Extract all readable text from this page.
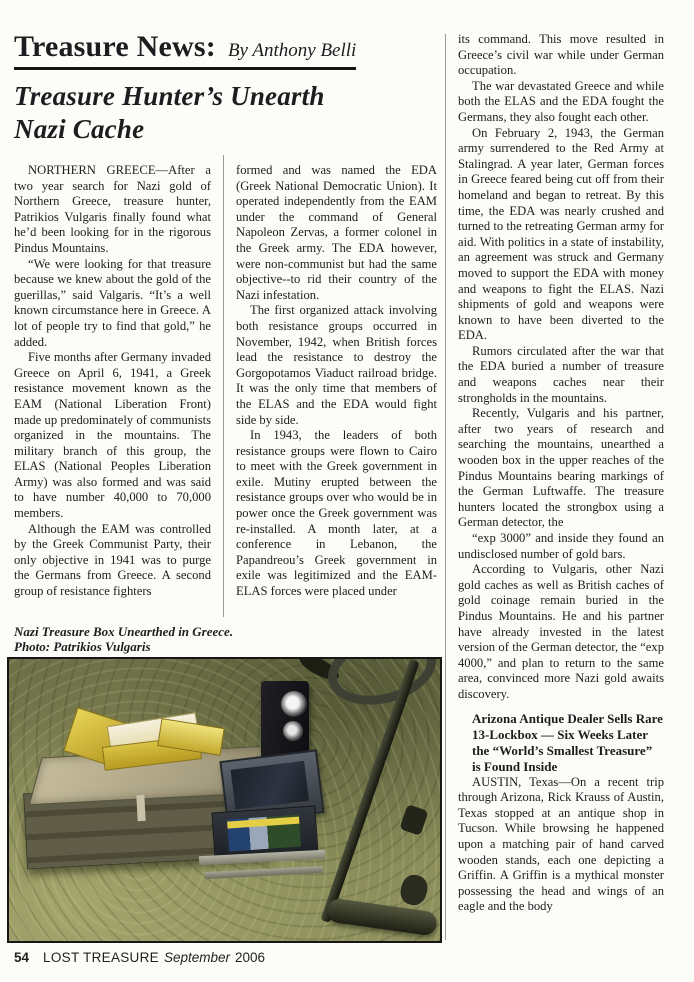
Treasure News: By Anthony Belli
Treasure Hunter’s Unearth
Nazi Cache

NORTHERN GREECE—After a two year search for Nazi gold of Northern Greece, treasure hunter, Patrikios Vulgaris finally found what he’d been looking for in the rigorous Pindus Mountains.

“We were looking for that treasure because we knew about the gold of the guerillas,” said Valgaris. “It’s a well known circumstance here in Greece. A lot of people try to find that gold,” he added.

Five months after Germany invaded Greece on April 6, 1941, a Greek resistance movement known as the EAM (National Liberation Front) made up predominately of communists organized in the mountains. The military branch of this group, the ELAS (National Peoples Liberation Army) was also formed and was said to have number 40,000 to 70,000 members.

Although the EAM was controlled by the Greek Communist Party, their only objective in 1941 was to purge the Germans from Greece. A second group of resistance fighters

formed and was named the EDA (Greek National Democratic Union). It operated independently from the EAM under the command of General Napoleon Zervas, a former colonel in the Greek army. The EDA however, were non-communist but had the same objective--to rid their country of the Nazi infestation.

The first organized attack involving both resistance groups occurred in November, 1942, when British forces lead the resistance to destroy the Gorgopotamos Viaduct railroad bridge. It was the only time that members of the ELAS and the EDA would fight side by side.

In 1943, the leaders of both resistance groups were flown to Cairo to meet with the Greek government in exile. Mutiny erupted between the resistance groups over who would be in power once the Greek government was re-installed. A month later, at a conference in Lebanon, the Papandreou’s Greek government in exile was legitimized and the EAM-ELAS forces were placed under

its command. This move resulted in Greece’s civil war while under German occupation.

The war devastated Greece and while both the ELAS and the EDA fought the Germans, they also fought each other.

On February 2, 1943, the German army surrendered to the Red Army at Stalingrad. A year later, German forces in Greece feared being cut off from their homeland and began to retreat. By this time, the EDA was nearly crushed and turned to the retreating German army for aid. With politics in a state of instability, an agreement was struck and Germany moved to support the EDA with money and weapons to fight the ELAS. Nazi shipments of gold and weapons were known to have been diverted to the EDA.

Rumors circulated after the war that the EDA buried a number of treasure and weapons caches near their strongholds in the mountains.

Recently, Vulgaris and his partner, after two years of research and searching the mountains, unearthed a wooden box in the upper reaches of the Pindus Mountains bearing markings of the German Luftwaffe. The treasure hunters located the strongbox using a German detector, the

“exp 3000” and inside they found an undisclosed number of gold bars.

According to Vulgaris, other Nazi gold caches as well as British caches of gold coinage remain buried in the Pindus Mountains. He and his partner have already invested in the latest version of the German detector, the “exp 4000,” and plan to return to the same area, convinced more Nazi gold awaits discovery.

Arizona Antique Dealer Sells Rare 13-Lockbox — Six Weeks Later the “World’s Smallest Treasure” is Found Inside

AUSTIN, Texas—On a recent trip through Arizona, Rick Krauss of Austin, Texas stopped at an antique shop in Tucson. While browsing he happened upon a matching pair of hand carved wooden stands, each one depicting a Griffin. A Griffin is a mythical monster possessing the head and wings of an eagle and the body

Nazi Treasure Box Unearthed in Greece.
Photo: Patrikios Vulgaris
54 LOST TREASURE September 2006
